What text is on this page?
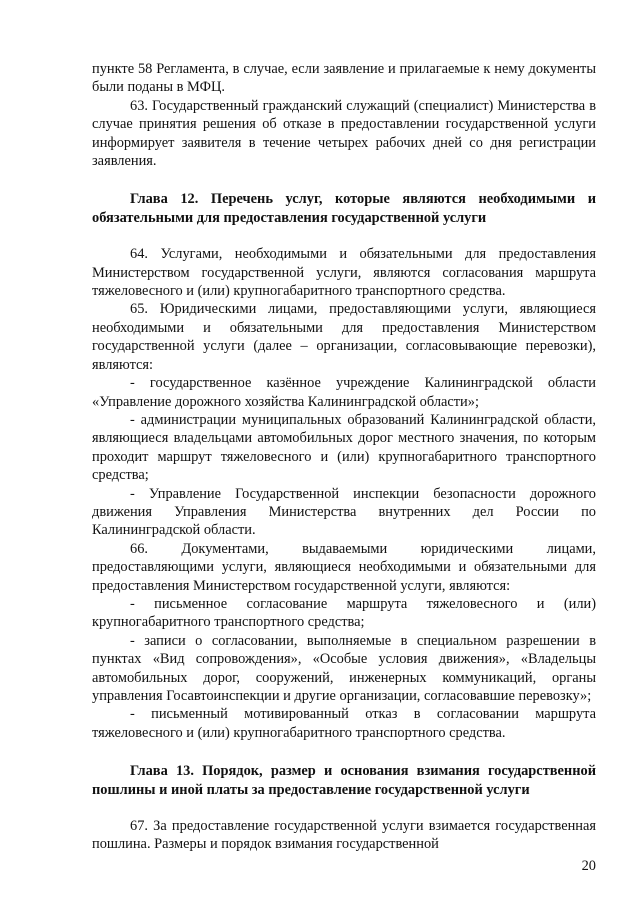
пункте 58 Регламента, в случае, если заявление и прилагаемые к нему документы были поданы в МФЦ.

63. Государственный гражданский служащий (специалист) Министерства в случае принятия решения об отказе в предоставлении государственной услуги информирует заявителя в течение четырех рабочих дней со дня регистрации заявления.

Глава 12. Перечень услуг, которые являются необходимыми и обязательными для предоставления государственной услуги

64. Услугами, необходимыми и обязательными для предоставления Министерством государственной услуги, являются согласования маршрута тяжеловесного и (или) крупногабаритного транспортного средства.

65. Юридическими лицами, предоставляющими услуги, являющиеся необходимыми и обязательными для предоставления Министерством государственной услуги (далее – организации, согласовывающие перевозки), являются:

- государственное казённое учреждение Калининградской области «Управление дорожного хозяйства Калининградской области»;

- администрации муниципальных образований Калининградской области, являющиеся владельцами автомобильных дорог местного значения, по которым проходит маршрут тяжеловесного и (или) крупногабаритного транспортного средства;

- Управление Государственной инспекции безопасности дорожного движения Управления Министерства внутренних дел России по Калининградской области.

66. Документами, выдаваемыми юридическими лицами, предоставляющими услуги, являющиеся необходимыми и обязательными для предоставления Министерством государственной услуги, являются:

- письменное согласование маршрута тяжеловесного и (или) крупногабаритного транспортного средства;

- записи о согласовании, выполняемые в специальном разрешении в пунктах «Вид сопровождения», «Особые условия движения», «Владельцы автомобильных дорог, сооружений, инженерных коммуникаций, органы управления Госавтоинспекции и другие организации, согласовавшие перевозку»;

- письменный мотивированный отказ в согласовании маршрута тяжеловесного и (или) крупногабаритного транспортного средства.

Глава 13. Порядок, размер и основания взимания государственной пошлины и иной платы за предоставление государственной услуги

67. За предоставление государственной услуги взимается государственная пошлина. Размеры и порядок взимания государственной

20
